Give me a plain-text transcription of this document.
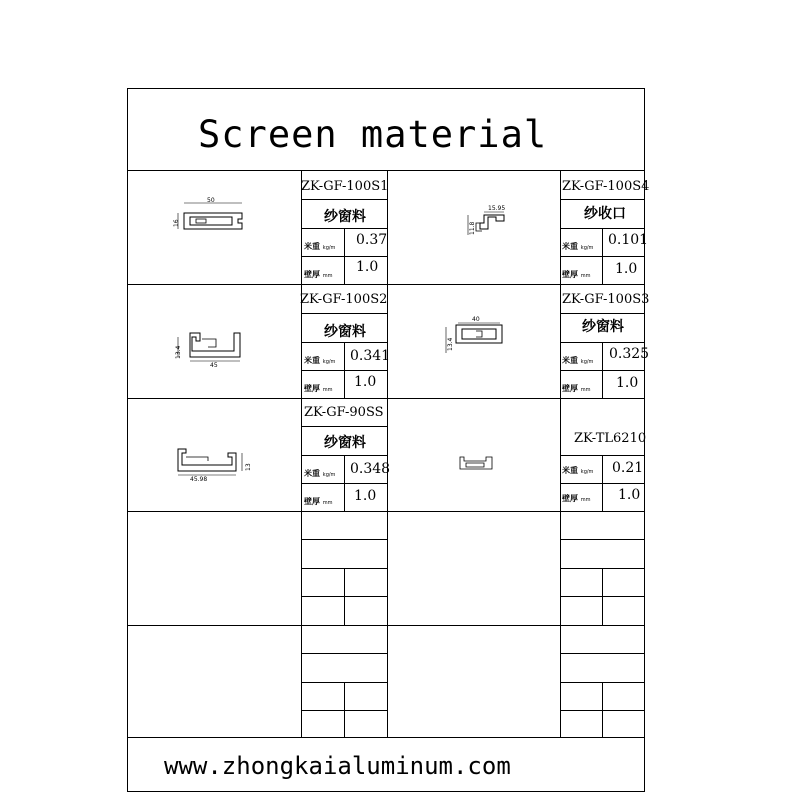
Screen material
ZK-GF-100S1
纱窗料
米重 kg/m 0.37
壁厚 mm
1.0
ZK-GF-100S2
纱窗料
米重 kg/m 0.341
壁厚 mm 1.0
ZK-GF-90SS
纱窗料
米重 kg/m 0.348
壁厚 mm 1.0
ZK-GF-100S4
纱收口
米重 kg/m 0.101
壁厚 mm 1.0
ZK-GF-100S3
纱窗料
米重 kg/m 0.325
壁厚 mm 1.0
ZK-TL6210
米重 kg/m 0.21
壁厚 mm 1.0
50
16
15.95
11.8
45
13.4
40
13.4
45.98
13
www.zhongkaialuminum.com
